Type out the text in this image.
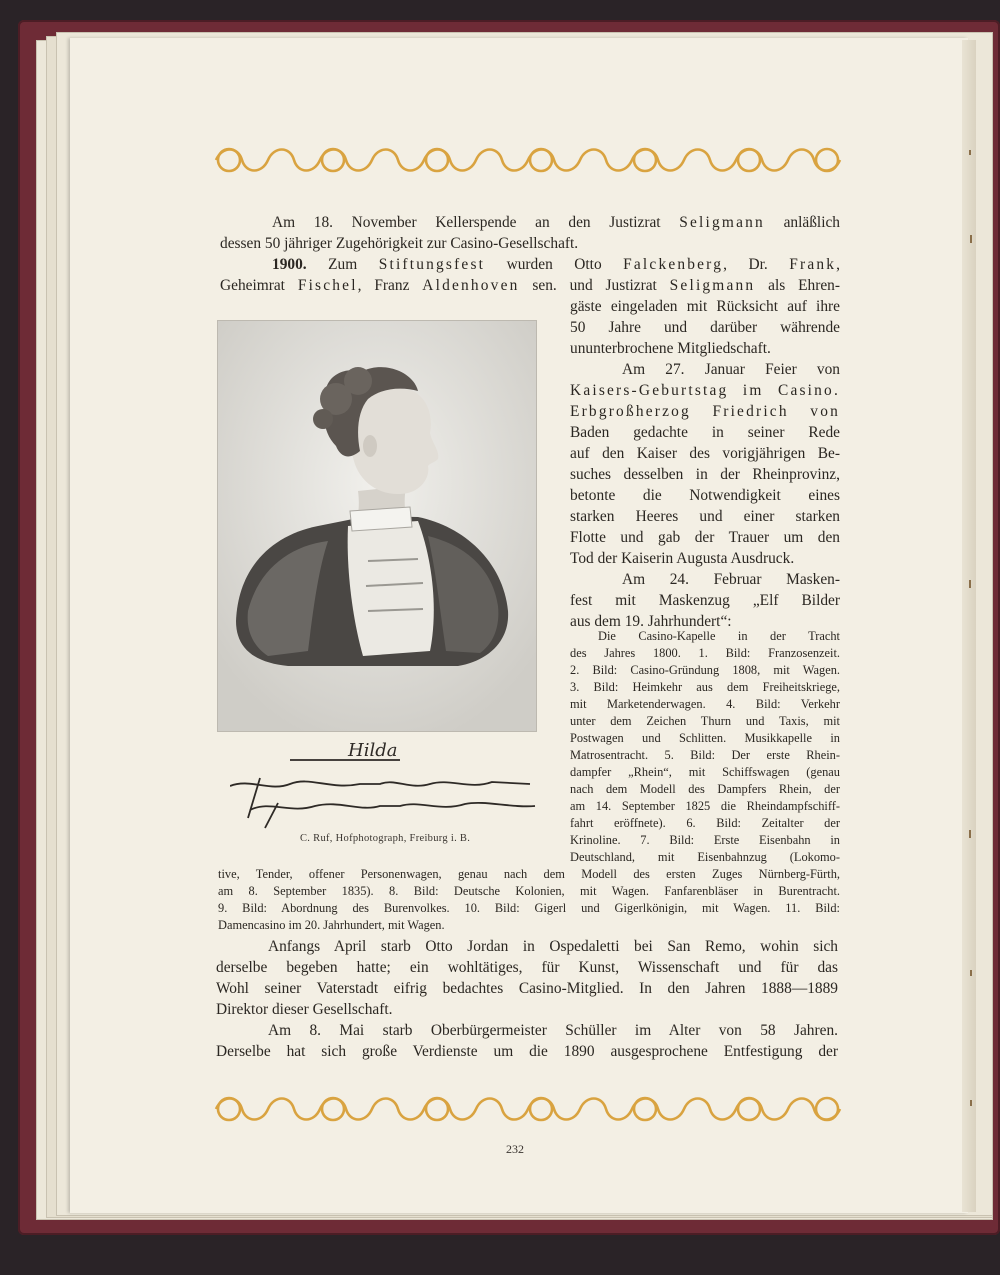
Am 18. November Kellerspende an den Justizrat Seligmann anläßlich
dessen 50 jähriger Zugehörigkeit zur Casino-Gesellschaft.
1900. Zum Stiftungsfest wurden Otto Falckenberg, Dr. Frank,
Geheimrat Fischel, Franz Aldenhoven sen. und Justizrat Seligmann als Ehren-
Hilda
C. Ruf, Hofphotograph, Freiburg i. B.
gäste eingeladen mit Rücksicht auf ihre
50 Jahre und darüber währende
ununterbrochene Mitgliedschaft.
Am 27. Januar Feier von
Kaisers-Geburtstag im Casino.
Erbgroßherzog Friedrich von
Baden gedachte in seiner Rede
auf den Kaiser des vorigjährigen Be-
suches desselben in der Rheinprovinz,
betonte die Notwendigkeit eines
starken Heeres und einer starken
Flotte und gab der Trauer um den
Tod der Kaiserin Augusta Ausdruck.
Am 24. Februar Masken-
fest mit Maskenzug „Elf Bilder
aus dem 19. Jahrhundert“:
Die Casino-Kapelle in der Tracht
des Jahres 1800. 1. Bild: Franzosenzeit.
2. Bild: Casino-Gründung 1808, mit Wagen.
3. Bild: Heimkehr aus dem Freiheitskriege,
mit Marketenderwagen. 4. Bild: Verkehr
unter dem Zeichen Thurn und Taxis, mit
Postwagen und Schlitten. Musikkapelle in
Matrosentracht. 5. Bild: Der erste Rhein-
dampfer „Rhein“, mit Schiffswagen (genau
nach dem Modell des Dampfers Rhein, der
am 14. September 1825 die Rheindampfschiff-
fahrt eröffnete). 6. Bild: Zeitalter der
Krinoline. 7. Bild: Erste Eisenbahn in
Deutschland, mit Eisenbahnzug (Lokomo-
tive, Tender, offener Personenwagen, genau nach dem Modell des ersten Zuges Nürnberg-Fürth,
am 8. September 1835). 8. Bild: Deutsche Kolonien, mit Wagen. Fanfarenbläser in Burentracht.
9. Bild: Abordnung des Burenvolkes. 10. Bild: Gigerl und Gigerlkönigin, mit Wagen. 11. Bild:
Damencasino im 20. Jahrhundert, mit Wagen.
Anfangs April starb Otto Jordan in Ospedaletti bei San Remo, wohin sich
derselbe begeben hatte; ein wohltätiges, für Kunst, Wissenschaft und für das
Wohl seiner Vaterstadt eifrig bedachtes Casino-Mitglied. In den Jahren 1888—1889
Direktor dieser Gesellschaft.
Am 8. Mai starb Oberbürgermeister Schüller im Alter von 58 Jahren.
Derselbe hat sich große Verdienste um die 1890 ausgesprochene Entfestigung der
232
